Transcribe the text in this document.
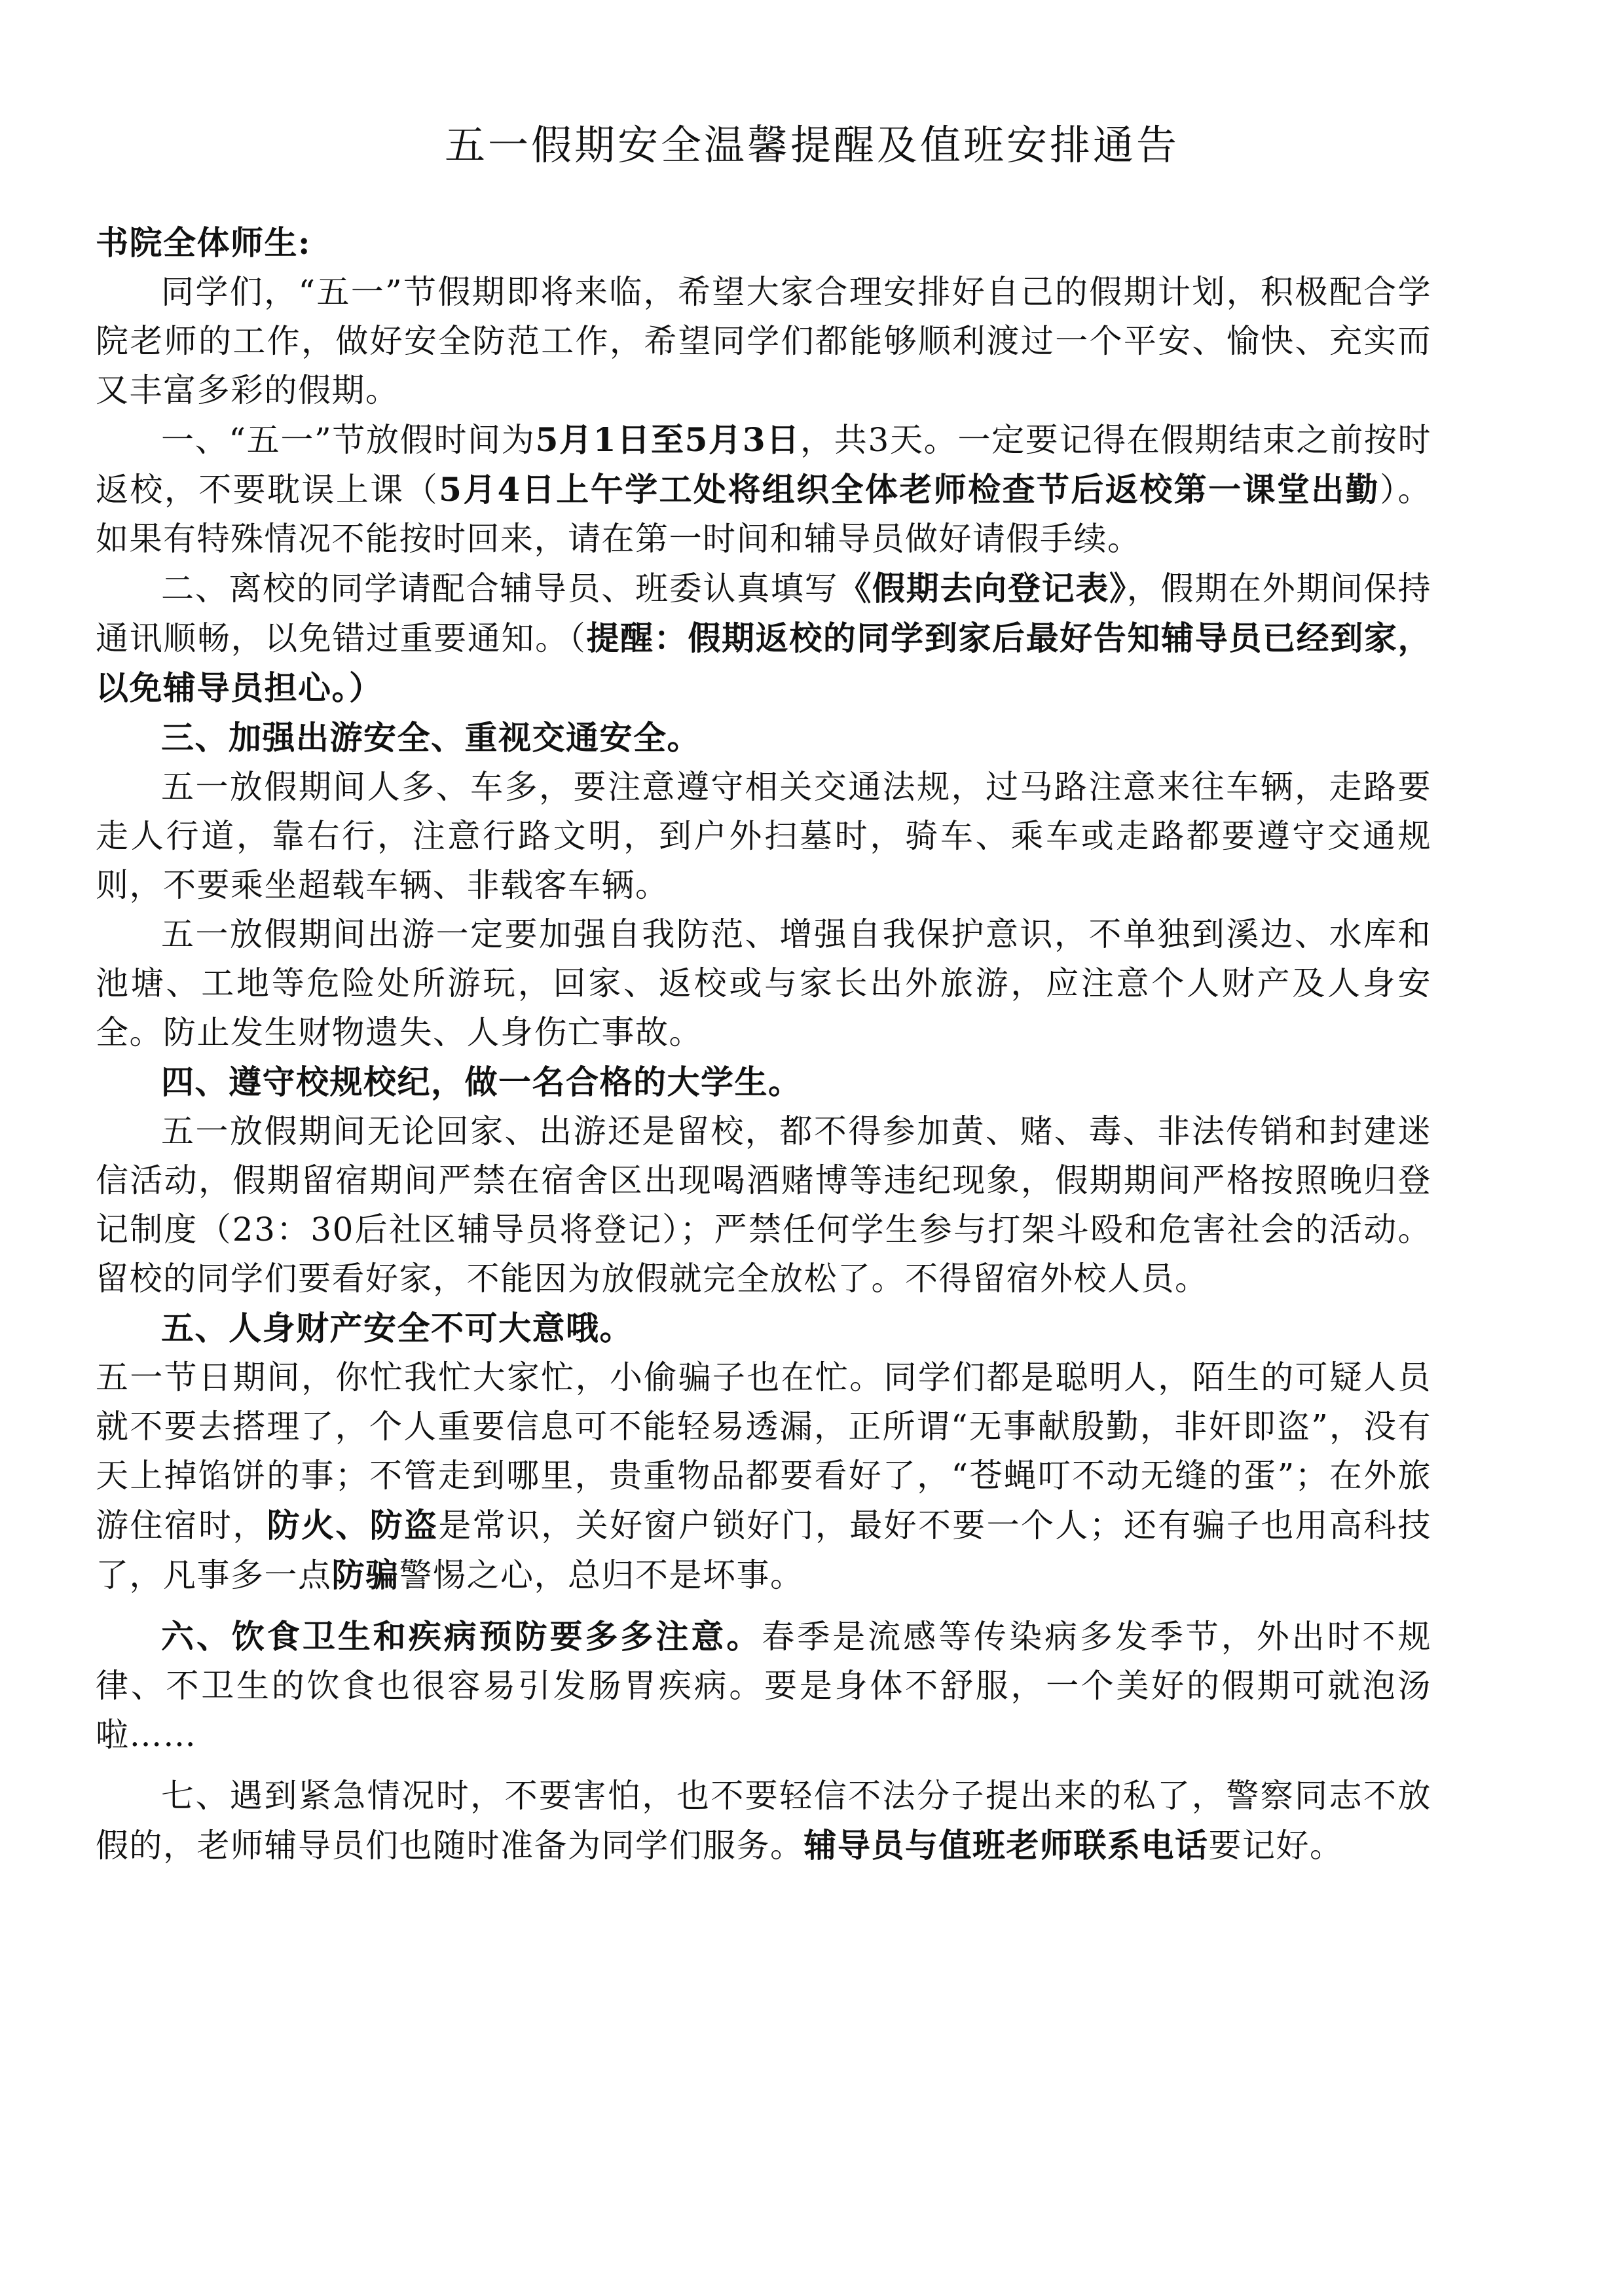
五一假期安全温馨提醒及值班安排通告

书院全体师生:

同学们，“五一”节假期即将来临，希望大家合理安排好自己的假期计划，积极配合学院老师的工作，做好安全防范工作，希望同学们都能够顺利渡过一个平安、愉快、充实而又丰富多彩的假期。

一、“五一”节放假时间为5月1日至5月3日，共3天。一定要记得在假期结束之前按时返校，不要耽误上课（5月4日上午学工处将组织全体老师检查节后返校第一课堂出勤）。如果有特殊情况不能按时回来，请在第一时间和辅导员做好请假手续。

二、离校的同学请配合辅导员、班委认真填写《假期去向登记表》，假期在外期间保持通讯顺畅，以免错过重要通知。（提醒：假期返校的同学到家后最好告知辅导员已经到家，以免辅导员担心。）

三、加强出游安全、重视交通安全。

五一放假期间人多、车多，要注意遵守相关交通法规，过马路注意来往车辆，走路要走人行道，靠右行，注意行路文明，到户外扫墓时，骑车、乘车或走路都要遵守交通规则，不要乘坐超载车辆、非载客车辆。

五一放假期间出游一定要加强自我防范、增强自我保护意识，不单独到溪边、水库和池塘、工地等危险处所游玩，回家、返校或与家长出外旅游，应注意个人财产及人身安全。防止发生财物遗失、人身伤亡事故。

四、遵守校规校纪，做一名合格的大学生。

五一放假期间无论回家、出游还是留校，都不得参加黄、赌、毒、非法传销和封建迷信活动，假期留宿期间严禁在宿舍区出现喝酒赌博等违纪现象，假期期间严格按照晚归登记制度（23：30后社区辅导员将登记）；严禁任何学生参与打架斗殴和危害社会的活动。留校的同学们要看好家，不能因为放假就完全放松了。不得留宿外校人员。

五、人身财产安全不可大意哦。

五一节日期间，你忙我忙大家忙，小偷骗子也在忙。同学们都是聪明人，陌生的可疑人员就不要去搭理了，个人重要信息可不能轻易透漏，正所谓“无事献殷勤，非奸即盗”，没有天上掉馅饼的事；不管走到哪里，贵重物品都要看好了，“苍蝇叮不动无缝的蛋”；在外旅游住宿时，防火、防盗是常识，关好窗户锁好门，最好不要一个人；还有骗子也用高科技了，凡事多一点防骗警惕之心，总归不是坏事。

六、饮食卫生和疾病预防要多多注意。春季是流感等传染病多发季节，外出时不规律、不卫生的饮食也很容易引发肠胃疾病。要是身体不舒服，一个美好的假期可就泡汤啦……

七、遇到紧急情况时，不要害怕，也不要轻信不法分子提出来的私了，警察同志不放假的，老师辅导员们也随时准备为同学们服务。辅导员与值班老师联系电话要记好。
